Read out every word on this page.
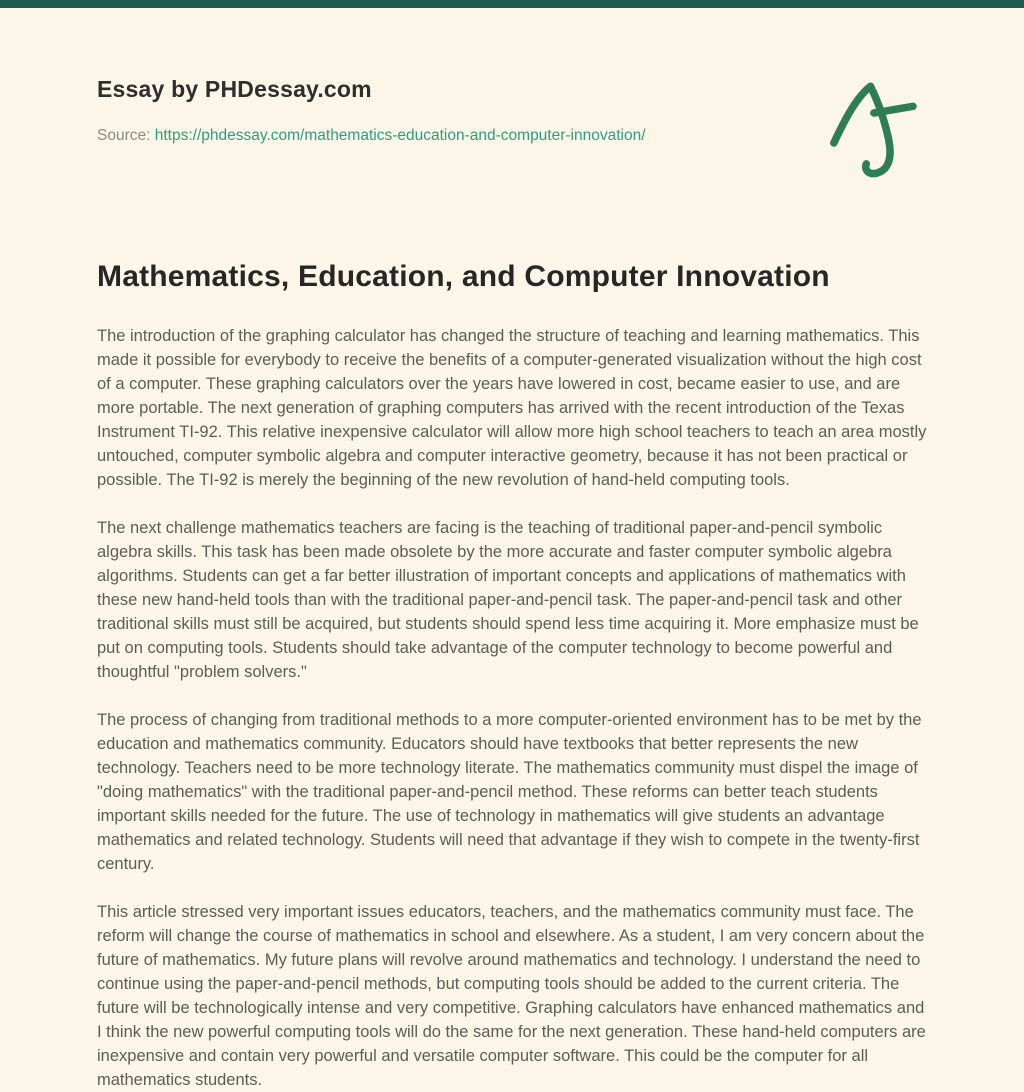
Essay by PHDessay.com
Source: https://phdessay.com/mathematics-education-and-computer-innovation/
Mathematics, Education, and Computer Innovation

The introduction of the graphing calculator has changed the structure of teaching and learning mathematics. This made it possible for everybody to receive the benefits of a computer-generated visualization without the high cost of a computer. These graphing calculators over the years have lowered in cost, became easier to use, and are more portable. The next generation of graphing computers has arrived with the recent introduction of the Texas Instrument TI-92. This relative inexpensive calculator will allow more high school teachers to teach an area mostly untouched, computer symbolic algebra and computer interactive geometry, because it has not been practical or possible. The TI-92 is merely the beginning of the new revolution of hand-held computing tools.

The next challenge mathematics teachers are facing is the teaching of traditional paper-and-pencil symbolic algebra skills. This task has been made obsolete by the more accurate and faster computer symbolic algebra algorithms. Students can get a far better illustration of important concepts and applications of mathematics with these new hand-held tools than with the traditional paper-and-pencil task. The paper-and-pencil task and other traditional skills must still be acquired, but students should spend less time acquiring it. More emphasize must be put on computing tools. Students should take advantage of the computer technology to become powerful and thoughtful "problem solvers."

The process of changing from traditional methods to a more computer-oriented environment has to be met by the education and mathematics community. Educators should have textbooks that better represents the new technology. Teachers need to be more technology literate. The mathematics community must dispel the image of "doing mathematics" with the traditional paper-and-pencil method. These reforms can better teach students important skills needed for the future. The use of technology in mathematics will give students an advantage mathematics and related technology. Students will need that advantage if they wish to compete in the twenty-first century.

This article stressed very important issues educators, teachers, and the mathematics community must face. The reform will change the course of mathematics in school and elsewhere. As a student, I am very concern about the future of mathematics. My future plans will revolve around mathematics and technology. I understand the need to continue using the paper-and-pencil methods, but computing tools should be added to the current criteria. The future will be technologically intense and very competitive. Graphing calculators have enhanced mathematics and I think the new powerful computing tools will do the same for the next generation. These hand-held computers are inexpensive and contain very powerful and versatile computer software. This could be the computer for all mathematics students.
